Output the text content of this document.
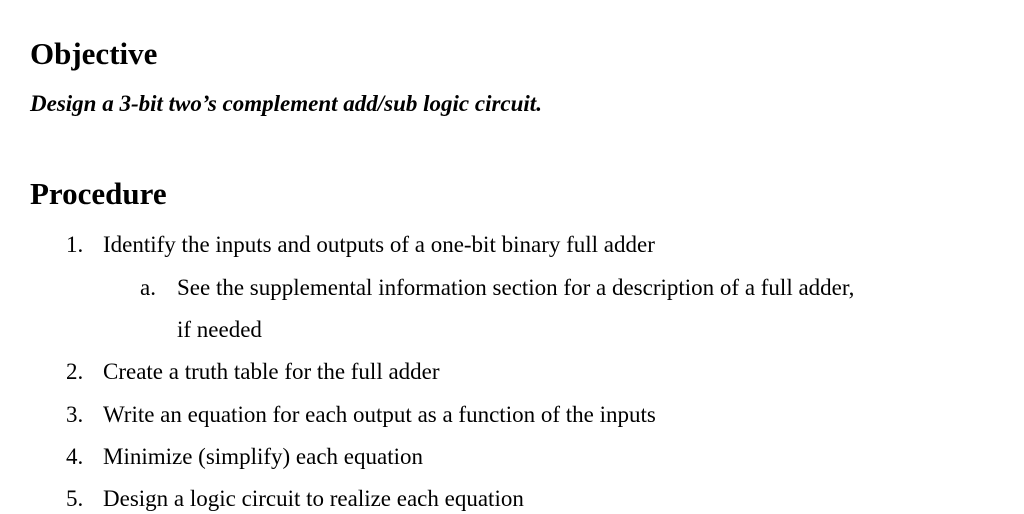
Objective

Design a 3-bit two’s complement add/sub logic circuit.

Procedure
1. Identify the inputs and outputs of a one-bit binary full adder
a. See the supplemental information section for a description of a full adder,
if needed
2. Create a truth table for the full adder
3. Write an equation for each output as a function of the inputs
4. Minimize (simplify) each equation
5. Design a logic circuit to realize each equation
